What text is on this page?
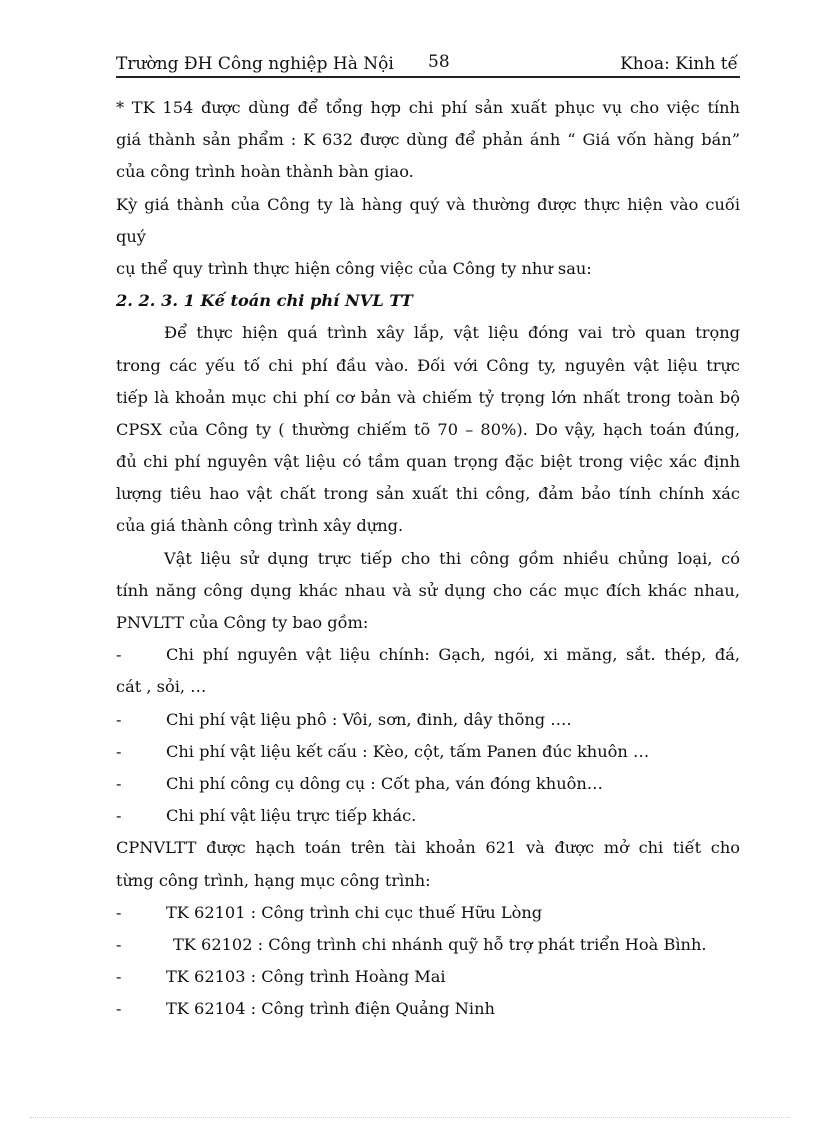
Trường ĐH Công nghiệp Hà Nội 58	Khoa: Kinh tế
* TK 154 được dùng để tổng hợp chi phí sản xuất phục vụ cho việc tính
giá thành sản phẩm : K 632 được dùng để phản ánh “ Giá vốn hàng bán”
của công trình hoàn thành bàn giao.
Kỳ giá thành của Công ty là hàng quý và thường được thực hiện vào cuối
quý
cụ thể quy trình thực hiện công việc của Công ty như sau:
2. 2. 3. 1 Kế toán chi phí NVL TT
Để thực hiện quá trình xây lắp, vật liệu đóng vai trò quan trọng
trong các yếu tố chi phí đầu vào. Đối với Công ty, nguyên vật liệu trực
tiếp là khoản mục chi phí cơ bản và chiếm tỷ trọng lớn nhất trong toàn bộ
CPSX của Công ty ( thường chiếm tõ 70 – 80%). Do vậy, hạch toán đúng,
đủ chi phí nguyên vật liệu có tầm quan trọng đặc biệt trong việc xác định
lượng tiêu hao vật chất trong sản xuất thi công, đảm bảo tính chính xác
của giá thành công trình xây dựng.
Vật liệu sử dụng trực tiếp cho thi công gồm nhiều chủng loại, có
tính năng công dụng khác nhau và sử dụng cho các mục đích khác nhau,
PNVLTT của Công ty bao gồm:
-	Chi phí nguyên vật liệu chính: Gạch, ngói, xi măng, sắt. thép, đá,
cát , sỏi, …
-	Chi phí vật liệu phô : Vôi, sơn, đinh, dây thõng ….
-	Chi phí vật liệu kết cấu : Kèo, cột, tấm Panen đúc khuôn …
-	Chi phí công cụ dông cụ : Cốt pha, ván đóng khuôn…
-	Chi phí vật liệu trực tiếp khác.
CPNVLTT được hạch toán trên tài khoản 621 và được mở chi tiết cho
từng công trình, hạng mục công trình:
-	TK 62101 : Công trình chi cục thuế Hữu Lòng
-	TK 62102 : Công trình chi nhánh quỹ hỗ trợ phát triển Hoà Bình.
-	TK 62103 : Công trình Hoàng Mai
-	TK 62104 : Công trình điện Quảng Ninh
